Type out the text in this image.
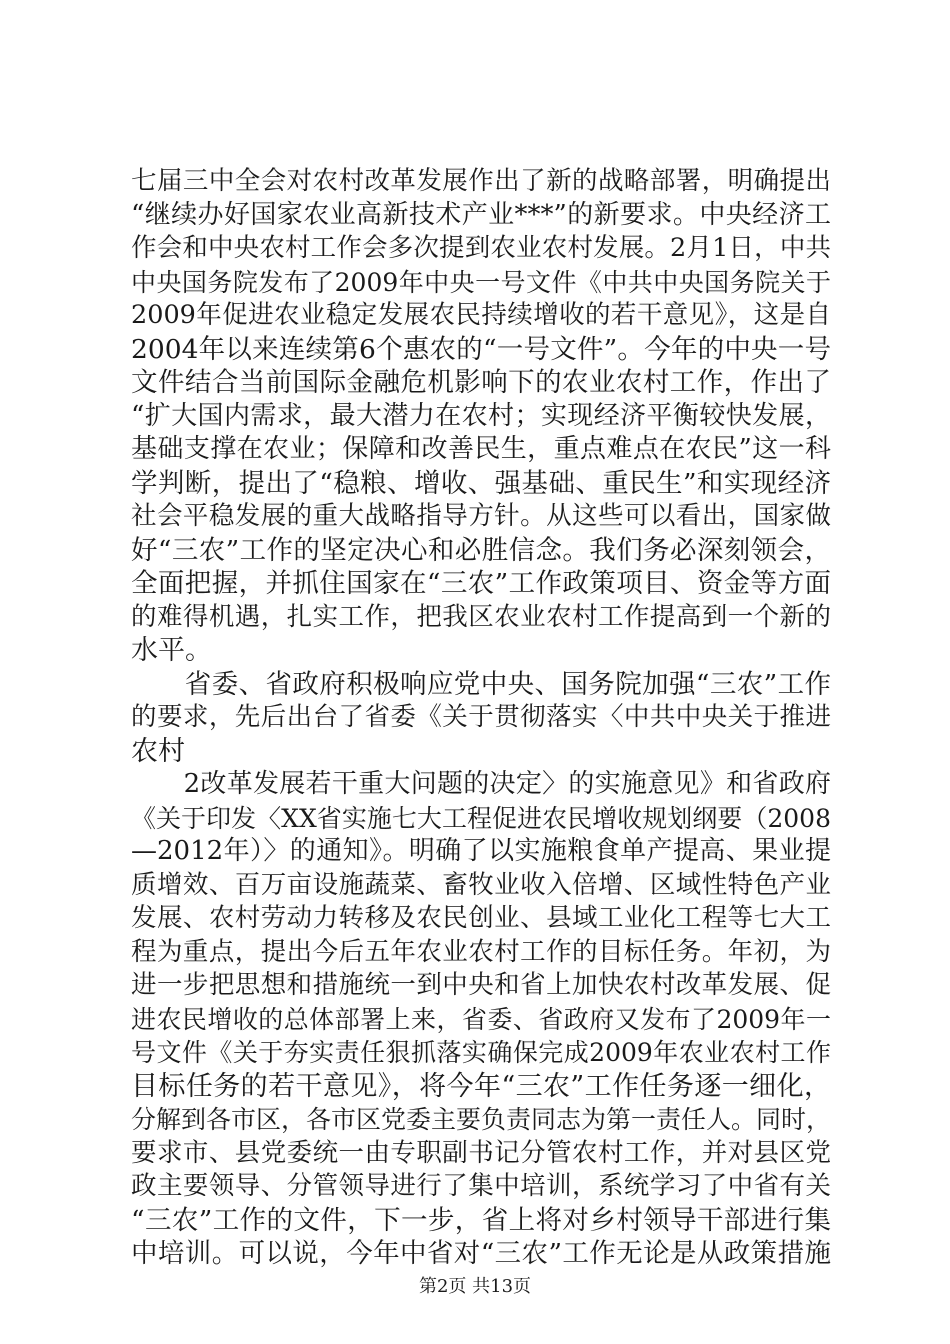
七届三中全会对农村改革发展作出了新的战略部署，明确提出
“继续办好国家农业高新技术产业***”的新要求。中央经济工
作会和中央农村工作会多次提到农业农村发展。2月1日，中共
中央国务院发布了2009年中央一号文件《中共中央国务院关于
2009年促进农业稳定发展农民持续增收的若干意见》，这是自
2004年以来连续第6个惠农的“一号文件”。今年的中央一号
文件结合当前国际金融危机影响下的农业农村工作，作出了
“扩大国内需求，最大潜力在农村；实现经济平衡较快发展，
基础支撑在农业；保障和改善民生，重点难点在农民”这一科
学判断，提出了“稳粮、增收、强基础、重民生”和实现经济
社会平稳发展的重大战略指导方针。从这些可以看出，国家做
好“三农”工作的坚定决心和必胜信念。我们务必深刻领会，
全面把握，并抓住国家在“三农”工作政策项目、资金等方面
的难得机遇，扎实工作，把我区农业农村工作提高到一个新的
水平。
　　省委、省政府积极响应党中央、国务院加强“三农”工作
的要求，先后出台了省委《关于贯彻落实〈中共中央关于推进
农村
　　2改革发展若干重大问题的决定〉的实施意见》和省政府
《关于印发〈XX省实施七大工程促进农民增收规划纲要（2008
—2012年）〉的通知》。明确了以实施粮食单产提高、果业提
质增效、百万亩设施蔬菜、畜牧业收入倍增、区域性特色产业
发展、农村劳动力转移及农民创业、县域工业化工程等七大工
程为重点，提出今后五年农业农村工作的目标任务。年初，为
进一步把思想和措施统一到中央和省上加快农村改革发展、促
进农民增收的总体部署上来，省委、省政府又发布了2009年一
号文件《关于夯实责任狠抓落实确保完成2009年农业农村工作
目标任务的若干意见》，将今年“三农”工作任务逐一细化，
分解到各市区，各市区党委主要负责同志为第一责任人。同时，
要求市、县党委统一由专职副书记分管农村工作，并对县区党
政主要领导、分管领导进行了集中培训，系统学习了中省有关
“三农”工作的文件，下一步，省上将对乡村领导干部进行集
中培训。可以说，今年中省对“三农”工作无论是从政策措施
第2页 共13页
